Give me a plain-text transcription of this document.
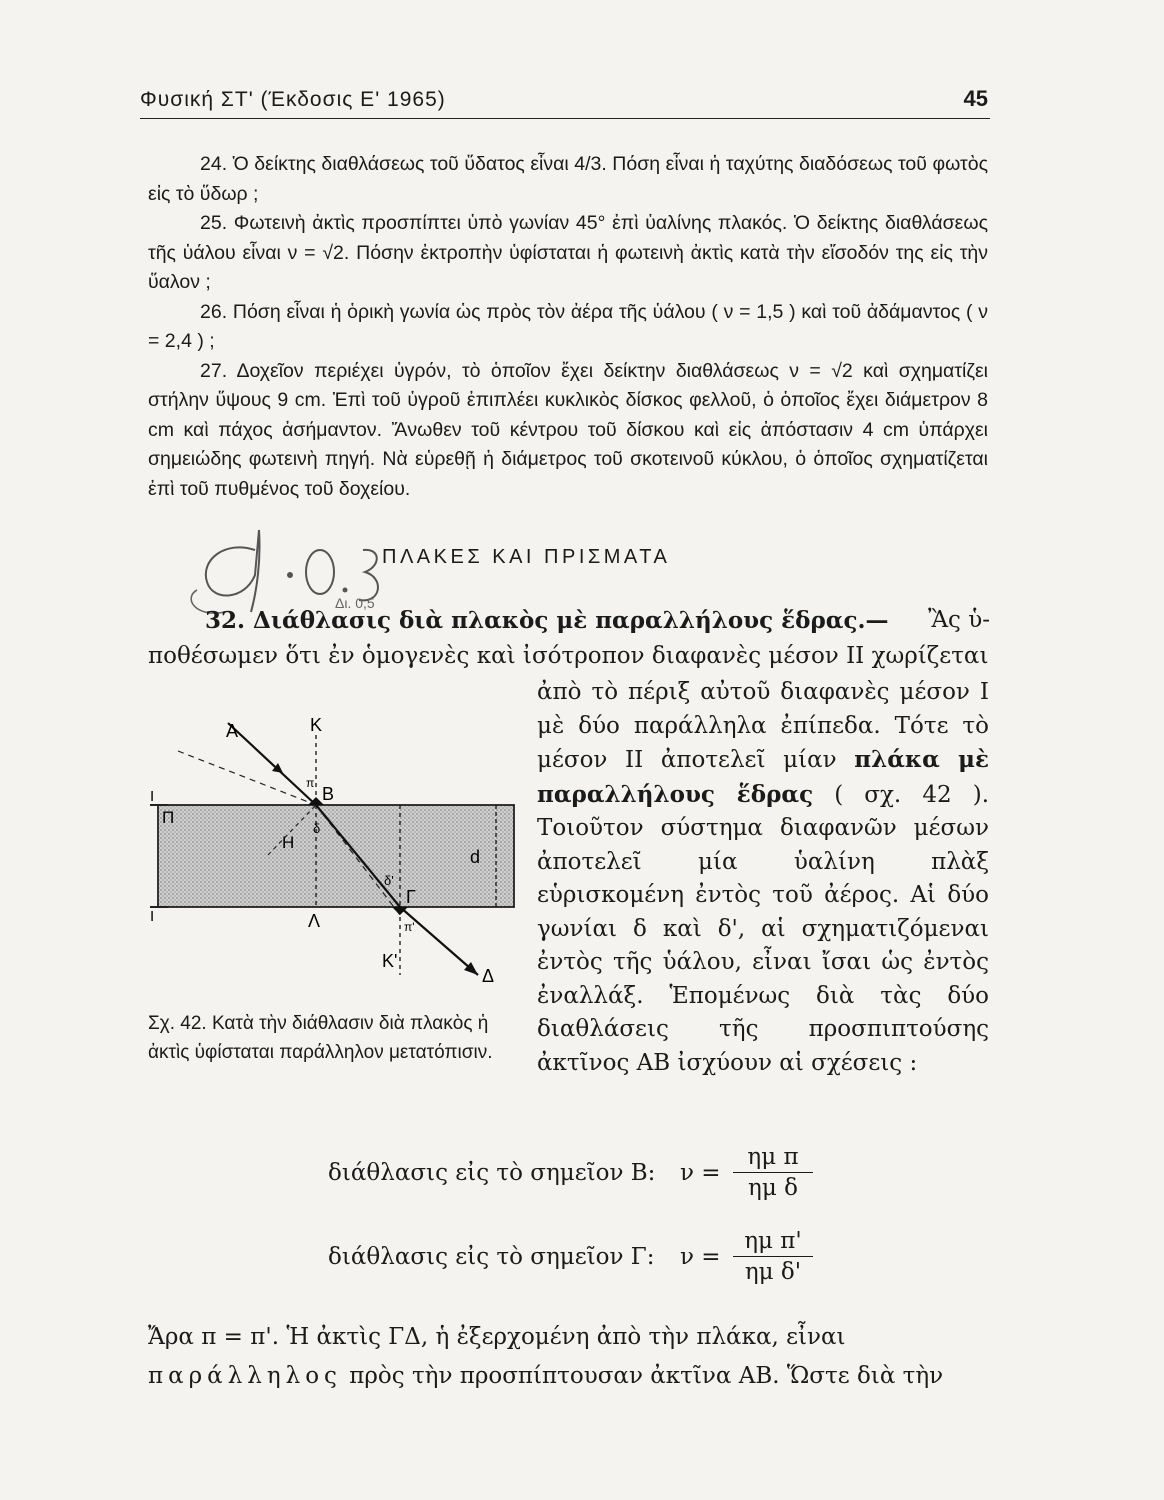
Φυσική ΣΤ' (Έκδοσις Ε' 1965)	45

24. Ὁ δείκτης διαθλάσεως τοῦ ὕδατος εἶναι 4/3. Πόση εἶναι ἡ ταχύτης διαδόσεως τοῦ φωτὸς εἰς τὸ ὕδωρ ;

25. Φωτεινὴ ἀκτὶς προσπίπτει ὑπὸ γωνίαν 45° ἐπὶ ὑαλίνης πλακός. Ὁ δείκτης διαθλάσεως τῆς ὑάλου εἶναι ν = √2. Πόσην ἐκτροπὴν ὑφίσταται ἡ φωτεινὴ ἀκτὶς κατὰ τὴν εἴσοδόν της εἰς τὴν ὕαλον ;

26. Πόση εἶναι ἡ ὁρικὴ γωνία ὡς πρὸς τὸν ἀέρα τῆς ὑάλου ( ν = 1,5 ) καὶ τοῦ ἀδάμαντος ( ν = 2,4 ) ;

27. Δοχεῖον περιέχει ὑγρόν, τὸ ὁποῖον ἔχει δείκτην διαθλάσεως ν = √2 καὶ σχηματίζει στήλην ὕψους 9 cm. Ἐπὶ τοῦ ὑγροῦ ἐπιπλέει κυκλικὸς δίσκος φελλοῦ, ὁ ὁποῖος ἔχει διάμετρον 8 cm καὶ πάχος ἀσήμαντον. Ἄνωθεν τοῦ κέντρου τοῦ δίσκου καὶ εἰς ἀπόστασιν 4 cm ὑπάρχει σημειώδης φωτεινὴ πηγή. Νὰ εὑρεθῇ ἡ διάμετρος τοῦ σκοτεινοῦ κύκλου, ὁ ὁποῖος σχηματίζεται ἐπὶ τοῦ πυθμένος τοῦ δοχείου.

ΠΛΑΚΕΣ ΚΑΙ ΠΡΙΣΜΑΤΑ
Δι. 0,5
32. Διάθλασις διὰ πλακὸς μὲ παραλλήλους ἕδρας.— Ἂς ὑ-
ποθέσωμεν ὅτι ἐν ὁμογενὲς καὶ ἰσότροπον διαφανὲς μέσον ΙΙ χωρίζεται
Α	Κ
π
Β
Ι
Π
Η
δ
δ'
d
Γ
Ι	Λ	π'
Κ'
Δ
ἀπὸ τὸ πέριξ αὐτοῦ διαφανὲς μέσον Ι μὲ δύο παράλληλα ἐπίπεδα. Τότε τὸ μέσον ΙΙ ἀποτελεῖ μίαν πλάκα μὲ παραλλήλους ἕδρας ( σχ. 42 ). Τοιοῦτον σύστημα διαφανῶν μέσων ἀποτελεῖ μία ὑαλίνη πλὰξ εὑρισκομένη ἐντὸς τοῦ ἀέρος. Αἱ δύο γωνίαι δ καὶ δ', αἱ σχηματιζόμεναι ἐντὸς τῆς ὑάλου, εἶναι ἴσαι ὡς ἐντὸς ἐναλλάξ. Ἑπομένως διὰ τὰς δύο διαθλάσεις τῆς προσπιπτούσης ἀκτῖνος ΑΒ ἰσχύουν αἱ σχέσεις :
Σχ. 42. Κατὰ τὴν διάθλασιν διὰ πλακὸς ἡ ἀκτὶς ὑφίσταται παράλληλον μετατόπισιν.
διάθλασις εἰς τὸ σημεῖον Β: $\nu = \frac{\text{ημ π}}{\text{ημ δ}}$
διάθλασις εἰς τὸ σημεῖον Γ: $\nu = \frac{\text{ημ π'}}{\text{ημ δ'}}$
Ἄρα π = π'. Ἡ ἀκτὶς ΓΔ, ἡ ἐξερχομένη ἀπὸ τὴν πλάκα, εἶναι
παράλληλος πρὸς τὴν προσπίπτουσαν ἀκτῖνα ΑΒ. Ὥστε διὰ τὴν
